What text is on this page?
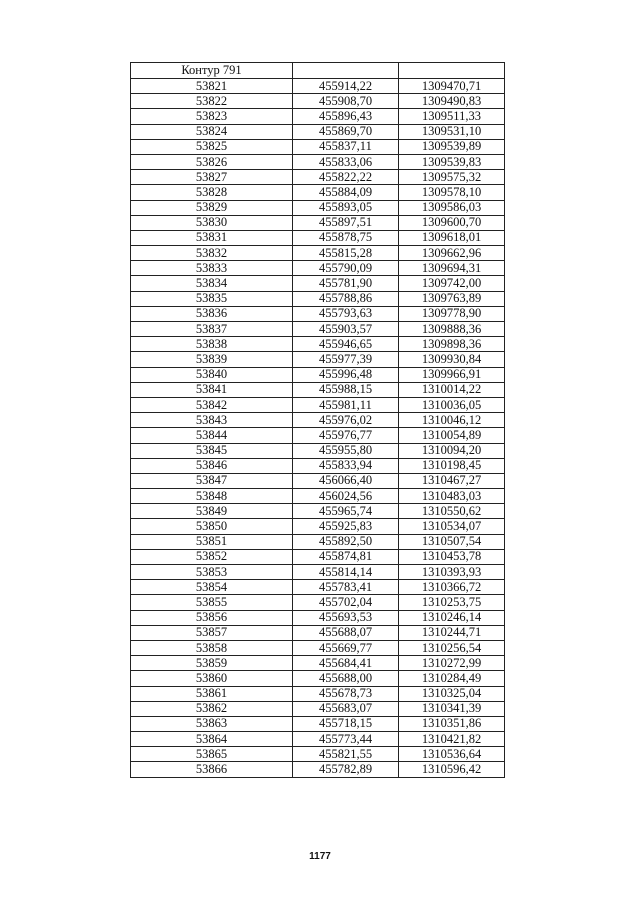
Контур 791		
53821	455914,22	1309470,71
53822	455908,70	1309490,83
53823	455896,43	1309511,33
53824	455869,70	1309531,10
53825	455837,11	1309539,89
53826	455833,06	1309539,83
53827	455822,22	1309575,32
53828	455884,09	1309578,10
53829	455893,05	1309586,03
53830	455897,51	1309600,70
53831	455878,75	1309618,01
53832	455815,28	1309662,96
53833	455790,09	1309694,31
53834	455781,90	1309742,00
53835	455788,86	1309763,89
53836	455793,63	1309778,90
53837	455903,57	1309888,36
53838	455946,65	1309898,36
53839	455977,39	1309930,84
53840	455996,48	1309966,91
53841	455988,15	1310014,22
53842	455981,11	1310036,05
53843	455976,02	1310046,12
53844	455976,77	1310054,89
53845	455955,80	1310094,20
53846	455833,94	1310198,45
53847	456066,40	1310467,27
53848	456024,56	1310483,03
53849	455965,74	1310550,62
53850	455925,83	1310534,07
53851	455892,50	1310507,54
53852	455874,81	1310453,78
53853	455814,14	1310393,93
53854	455783,41	1310366,72
53855	455702,04	1310253,75
53856	455693,53	1310246,14
53857	455688,07	1310244,71
53858	455669,77	1310256,54
53859	455684,41	1310272,99
53860	455688,00	1310284,49
53861	455678,73	1310325,04
53862	455683,07	1310341,39
53863	455718,15	1310351,86
53864	455773,44	1310421,82
53865	455821,55	1310536,64
53866	455782,89	1310596,42
1177
